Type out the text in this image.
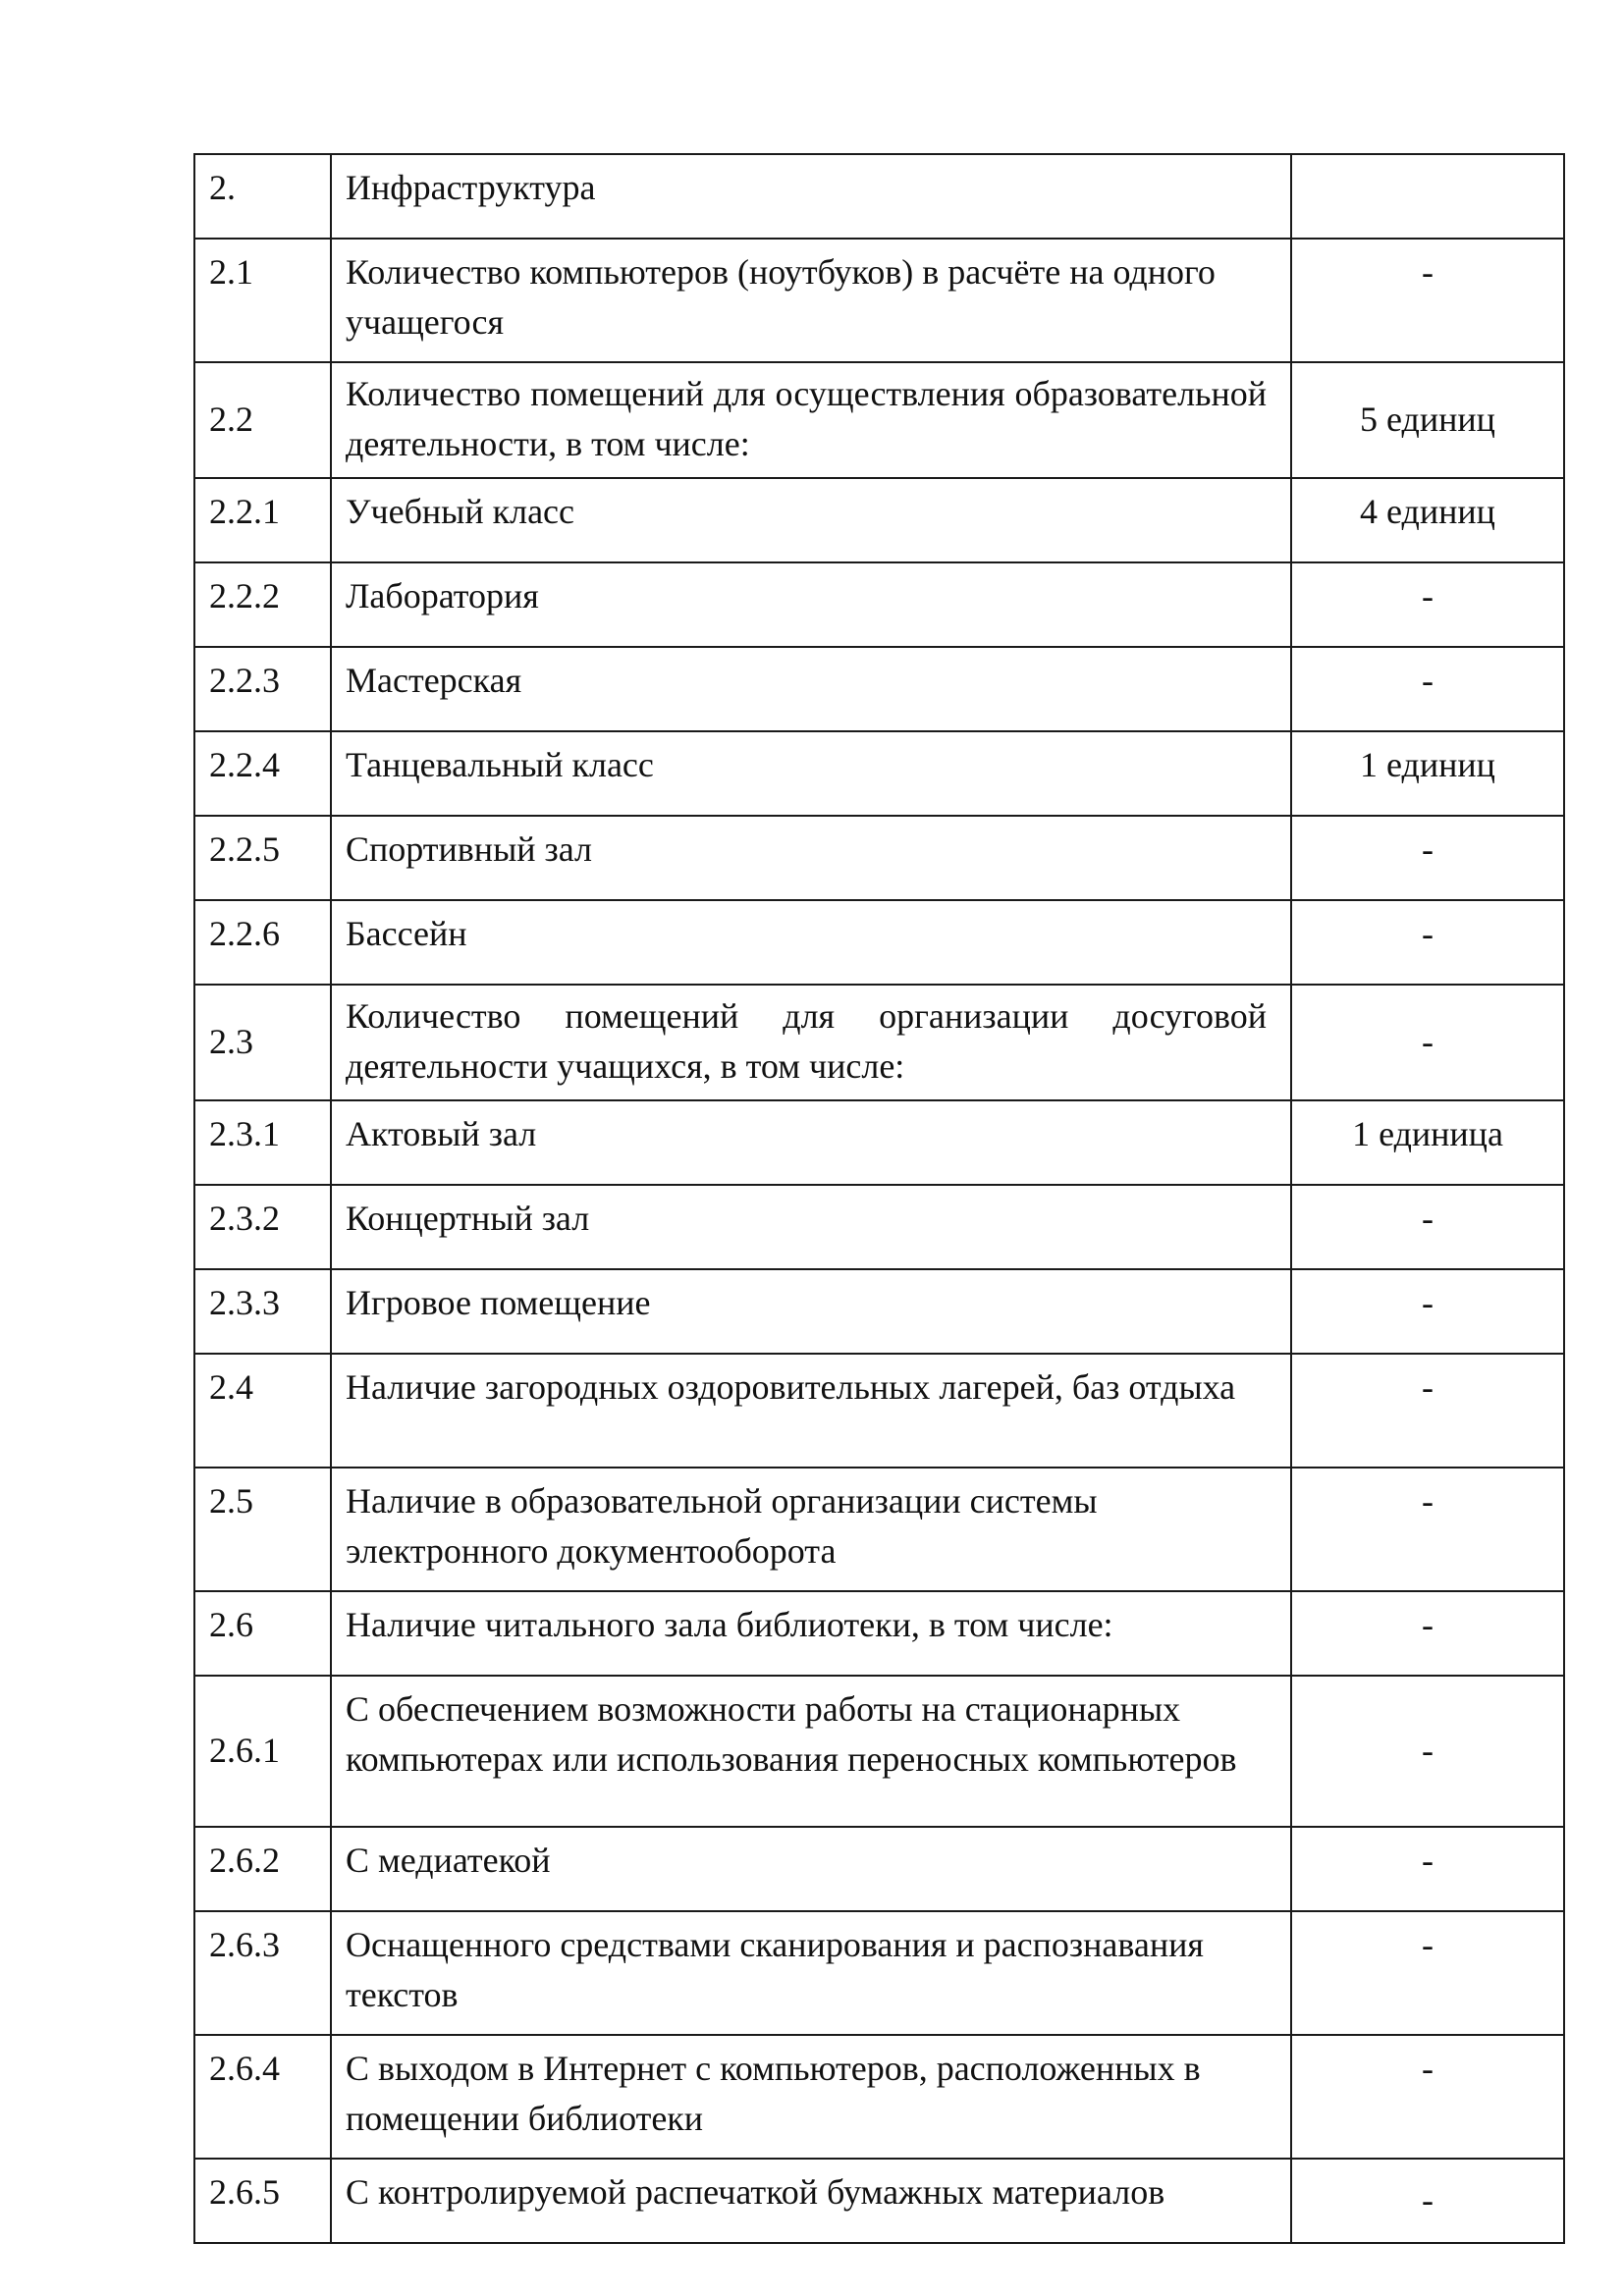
2.	Инфраструктура	
2.1	Количество компьютеров (ноутбуков) в расчёте на одного учащегося	-
2.2	Количество помещений для осуществления образовательной деятельности, в том числе:	5 единиц
2.2.1	Учебный класс	4 единиц
2.2.2	Лаборатория	-
2.2.3	Мастерская	-
2.2.4	Танцевальный класс	1 единиц
2.2.5	Спортивный зал	-
2.2.6	Бассейн	-
2.3	Количество помещений для организации досуговой деятельности учащихся, в том числе:	-
2.3.1	Актовый зал	1 единица
2.3.2	Концертный зал	-
2.3.3	Игровое помещение	-
2.4	Наличие загородных оздоровительных лагерей, баз отдыха	-
2.5	Наличие в образовательной организации системы электронного документооборота	-
2.6	Наличие читального зала библиотеки, в том числе:	-
2.6.1	С обеспечением возможности работы на стационарных компьютерах или использования переносных компьютеров	-
2.6.2	С медиатекой	-
2.6.3	Оснащенного средствами сканирования и распознавания текстов	-
2.6.4	С выходом в Интернет с компьютеров, расположенных в помещении библиотеки	-
2.6.5	С контролируемой распечаткой бумажных материалов	-
